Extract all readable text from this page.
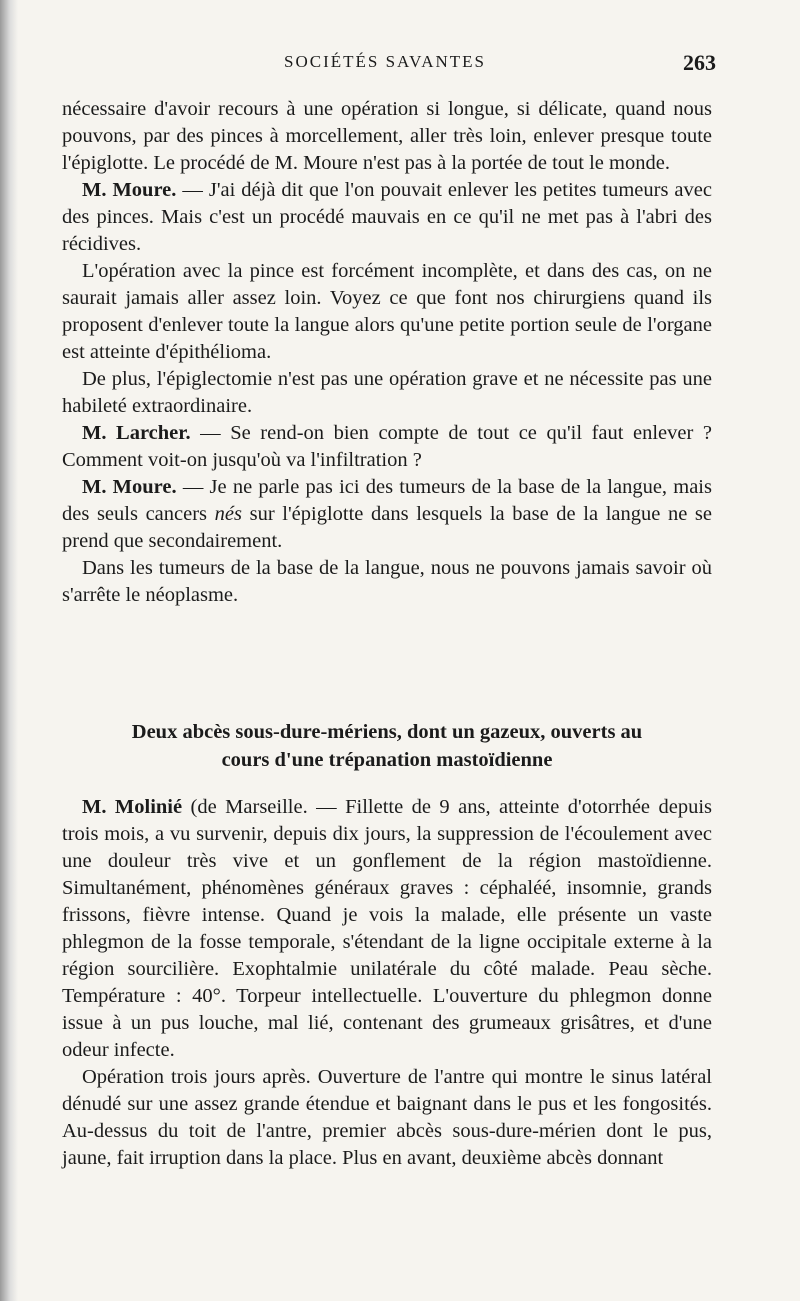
SOCIÉTÉS SAVANTES	263

nécessaire d'avoir recours à une opération si longue, si délicate, quand nous pouvons, par des pinces à morcellement, aller très loin, enlever presque toute l'épiglotte. Le procédé de M. Moure n'est pas à la portée de tout le monde.

M. Moure. — J'ai déjà dit que l'on pouvait enlever les petites tumeurs avec des pinces. Mais c'est un procédé mauvais en ce qu'il ne met pas à l'abri des récidives.

L'opération avec la pince est forcément incomplète, et dans des cas, on ne saurait jamais aller assez loin. Voyez ce que font nos chirurgiens quand ils proposent d'enlever toute la langue alors qu'une petite portion seule de l'organe est atteinte d'épithélioma.

De plus, l'épiglectomie n'est pas une opération grave et ne nécessite pas une habileté extraordinaire.

M. Larcher. — Se rend-on bien compte de tout ce qu'il faut enlever ? Comment voit-on jusqu'où va l'infiltration ?

M. Moure. — Je ne parle pas ici des tumeurs de la base de la langue, mais des seuls cancers nés sur l'épiglotte dans lesquels la base de la langue ne se prend que secondairement.

Dans les tumeurs de la base de la langue, nous ne pouvons jamais savoir où s'arrête le néoplasme.

Deux abcès sous-dure-mériens, dont un gazeux, ouverts au
cours d'une trépanation mastoïdienne

M. Molinié (de Marseille. — Fillette de 9 ans, atteinte d'otorrhée depuis trois mois, a vu survenir, depuis dix jours, la suppression de l'écoulement avec une douleur très vive et un gonflement de la région mastoïdienne. Simultanément, phénomènes généraux graves : céphaléé, insomnie, grands frissons, fièvre intense. Quand je vois la malade, elle présente un vaste phlegmon de la fosse temporale, s'étendant de la ligne occipitale externe à la région sourcilière. Exophtalmie unilatérale du côté malade. Peau sèche. Température : 40°. Torpeur intellectuelle. L'ouverture du phlegmon donne issue à un pus louche, mal lié, contenant des grumeaux grisâtres, et d'une odeur infecte.

Opération trois jours après. Ouverture de l'antre qui montre le sinus latéral dénudé sur une assez grande étendue et baignant dans le pus et les fongosités. Au-dessus du toit de l'antre, premier abcès sous-dure-mérien dont le pus, jaune, fait irruption dans la place. Plus en avant, deuxième abcès donnant
